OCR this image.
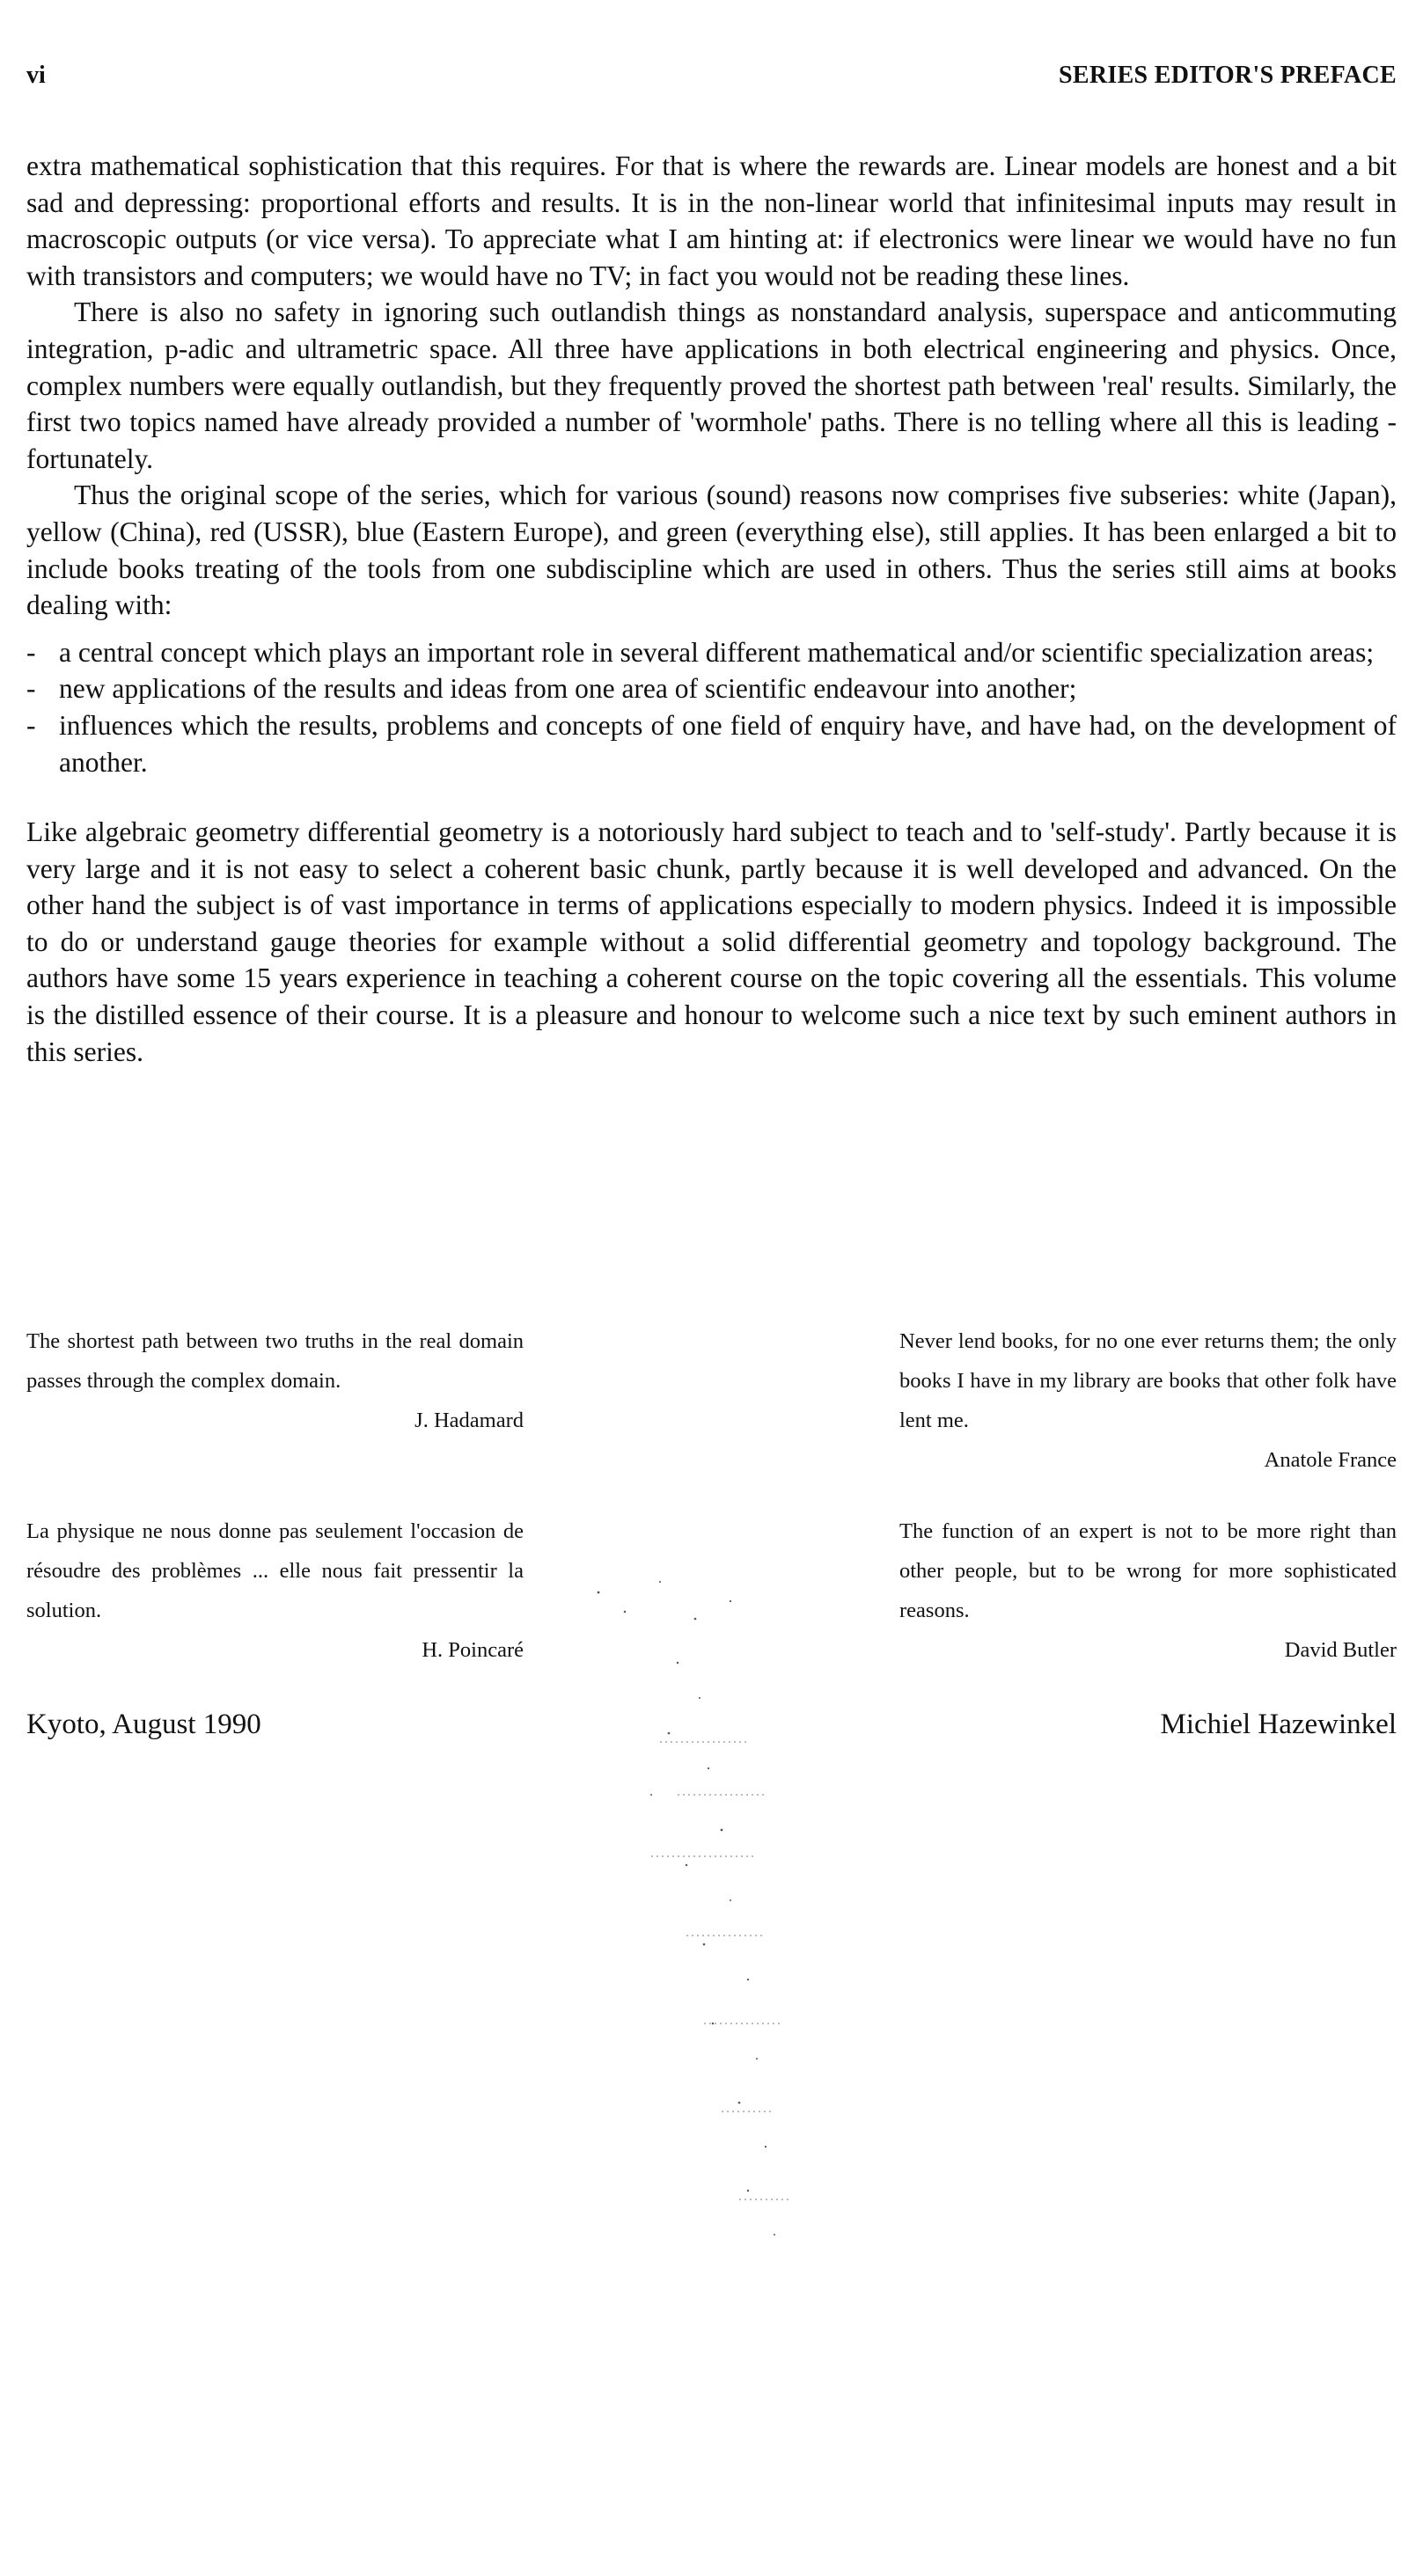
vi	SERIES EDITOR'S PREFACE

extra mathematical sophistication that this requires. For that is where the rewards are. Linear models are honest and a bit sad and depressing: proportional efforts and results. It is in the non-linear world that infinitesimal inputs may result in macroscopic outputs (or vice versa). To appreciate what I am hinting at: if electronics were linear we would have no fun with transistors and computers; we would have no TV; in fact you would not be reading these lines.

There is also no safety in ignoring such outlandish things as nonstandard analysis, superspace and anticommuting integration, p-adic and ultrametric space. All three have applications in both electrical engineering and physics. Once, complex numbers were equally outlandish, but they frequently proved the shortest path between 'real' results. Similarly, the first two topics named have already provided a number of 'wormhole' paths. There is no telling where all this is leading - fortunately.

Thus the original scope of the series, which for various (sound) reasons now comprises five subseries: white (Japan), yellow (China), red (USSR), blue (Eastern Europe), and green (everything else), still applies. It has been enlarged a bit to include books treating of the tools from one subdiscipline which are used in others. Thus the series still aims at books dealing with:

- a central concept which plays an important role in several different mathematical and/or scientific specialization areas;
- new applications of the results and ideas from one area of scientific endeavour into another;
- influences which the results, problems and concepts of one field of enquiry have, and have had, on the development of another.

Like algebraic geometry differential geometry is a notoriously hard subject to teach and to 'self-study'. Partly because it is very large and it is not easy to select a coherent basic chunk, partly because it is well developed and advanced. On the other hand the subject is of vast importance in terms of applications especially to modern physics. Indeed it is impossible to do or understand gauge theories for example without a solid differential geometry and topology background. The authors have some 15 years experience in teaching a coherent course on the topic covering all the essentials. This volume is the distilled essence of their course. It is a pleasure and honour to welcome such a nice text by such eminent authors in this series.

The shortest path between two truths in the real domain passes through the complex domain.
J. Hadamard
Never lend books, for no one ever returns them; the only books I have in my library are books that other folk have lent me.
Anatole France
La physique ne nous donne pas seulement l'occasion de résoudre des problèmes ... elle nous fait pressentir la solution.
H. Poincaré
The function of an expert is not to be more right than other people, but to be wrong for more sophisticated reasons.
David Butler
Kyoto, August 1990	Michiel Hazewinkel
